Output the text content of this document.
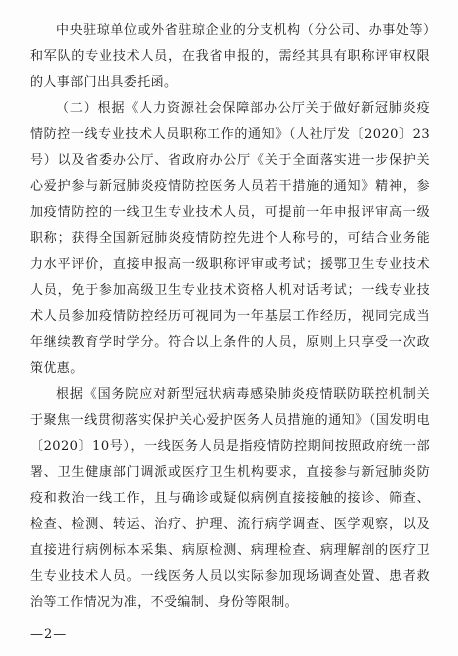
中央驻琼单位或外省驻琼企业的分支机构（分公司、办事处等）和军队的专业技术人员，在我省申报的，需经其具有职称评审权限的人事部门出具委托函。

（二）根据《人力资源社会保障部办公厅关于做好新冠肺炎疫情防控一线专业技术人员职称工作的通知》（人社厅发〔2020〕23号）以及省委办公厅、省政府办公厅《关于全面落实进一步保护关心爱护参与新冠肺炎疫情防控医务人员若干措施的通知》精神，参加疫情防控的一线卫生专业技术人员，可提前一年申报评审高一级职称；获得全国新冠肺炎疫情防控先进个人称号的，可结合业务能力水平评价，直接申报高一级职称评审或考试；援鄂卫生专业技术人员，免于参加高级卫生专业技术资格人机对话考试；一线专业技术人员参加疫情防控经历可视同为一年基层工作经历，视同完成当年继续教育学时学分。符合以上条件的人员，原则上只享受一次政策优惠。

根据《国务院应对新型冠状病毒感染肺炎疫情联防联控机制关于聚焦一线贯彻落实保护关心爱护医务人员措施的通知》（国发明电〔2020〕10号），一线医务人员是指疫情防控期间按照政府统一部署、卫生健康部门调派或医疗卫生机构要求，直接参与新冠肺炎防疫和救治一线工作，且与确诊或疑似病例直接接触的接诊、筛查、检查、检测、转运、治疗、护理、流行病学调查、医学观察，以及直接进行病例标本采集、病原检测、病理检查、病理解剖的医疗卫生专业技术人员。一线医务人员以实际参加现场调查处置、患者救治等工作情况为准，不受编制、身份等限制。

—2—
